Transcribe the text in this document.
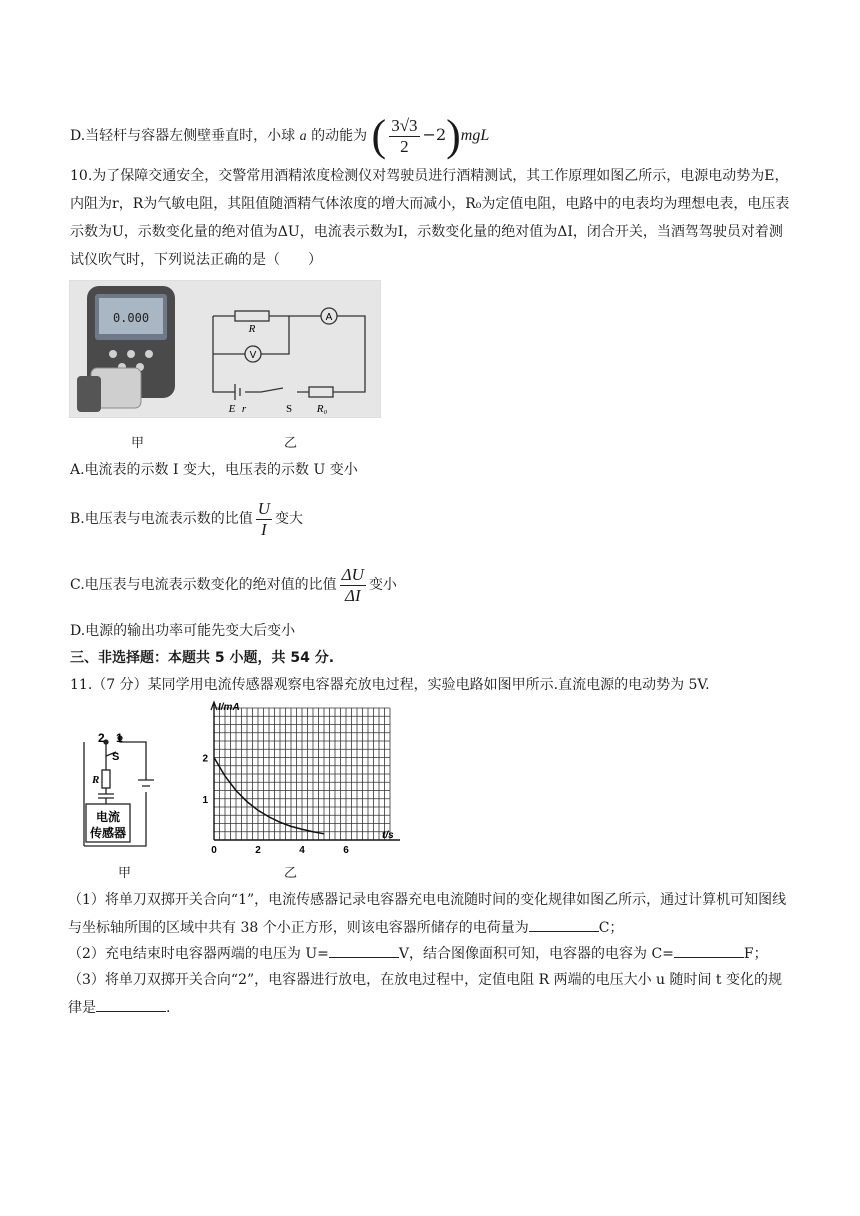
D.当轻杆与容器左侧壁垂直时，小球 a 的动能为 ( $\frac{3√3}{2} -2)mgL$
10.为了保障交通安全，交警常用酒精浓度检测仪对驾驶员进行酒精测试，其工作原理如图乙所示，电源电动势为E，内阻为r，R为气敏电阻，其阻值随酒精气体浓度的增大而减小，R₀为定值电阻，电路中的电表均为理想电表，电压表示数为U，示数变化量的绝对值为ΔU，电流表示数为I，示数变化量的绝对值为ΔI，闭合开关，当酒驾驾驶员对着测试仪吹气时，下列说法正确的是（　　）
0.000
R
A
V
E r	S R₀
甲	乙
A.电流表的示数 I 变大，电压表的示数 U 变小
B.电压表与电流表示数的比值 $\frac{U}{I}$ 变大
C.电压表与电流表示数变化的绝对值的比值 $\frac{\Delta U}{\Delta I}$ 变小
D.电源的输出功率可能先变大后变小
三、非选择题：本题共 5 小题，共 54 分.
11.（7 分）某同学用电流传感器观察电容器充放电过程，实验电路如图甲所示.直流电源的电动势为 5V.
2 1
S
R
电流
传感器
0	2	4	6
1
2
I/mA
t/s
甲	乙
（1）将单刀双掷开关合向“1”，电流传感器记录电容器充电电流随时间的变化规律如图乙所示，通过计算机可知图线与坐标轴所围的区域中共有 38 个小正方形，则该电容器所储存的电荷量为	C；
（2）充电结束时电容器两端的电压为 U=	V，结合图像面积可知，电容器的电容为 C=	F；
（3）将单刀双掷开关合向“2”，电容器进行放电，在放电过程中，定值电阻 R 两端的电压大小 u 随时间 t 变化的规律是	.
